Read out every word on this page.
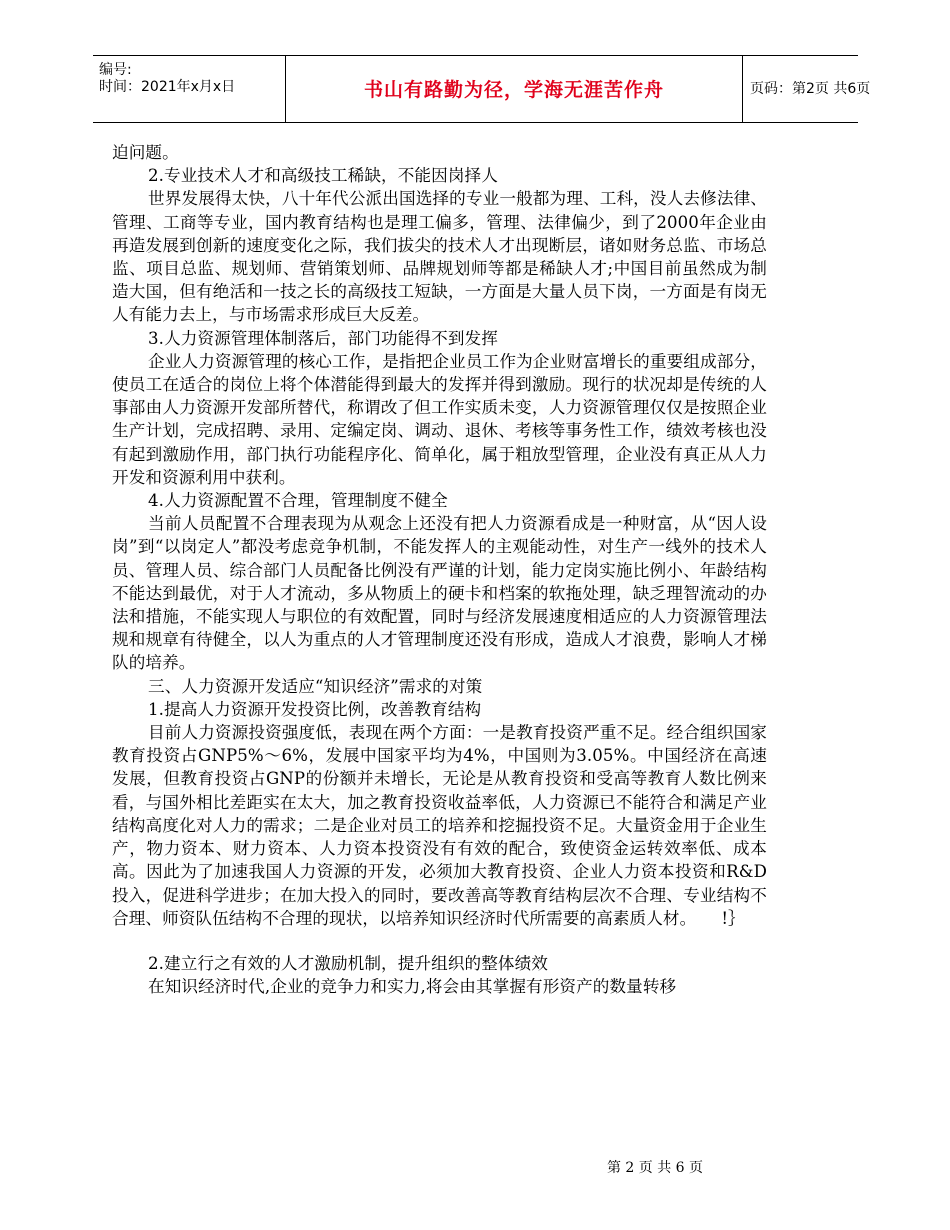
编号:
时间：2021年x月x日	书山有路勤为径，学海无涯苦作舟	页码：第2页 共6页

迫问题。

2.专业技术人才和高级技工稀缺，不能因岗择人

世界发展得太快，八十年代公派出国选择的专业一般都为理、工科，没人去修法律、管理、工商等专业，国内教育结构也是理工偏多，管理、法律偏少，到了2000年企业由再造发展到创新的速度变化之际，我们拔尖的技术人才出现断层，诸如财务总监、市场总监、项目总监、规划师、营销策划师、品牌规划师等都是稀缺人才;中国目前虽然成为制造大国，但有绝活和一技之长的高级技工短缺，一方面是大量人员下岗，一方面是有岗无人有能力去上，与市场需求形成巨大反差。

3.人力资源管理体制落后，部门功能得不到发挥

企业人力资源管理的核心工作，是指把企业员工作为企业财富增长的重要组成部分，使员工在适合的岗位上将个体潜能得到最大的发挥并得到激励。现行的状况却是传统的人事部由人力资源开发部所替代，称谓改了但工作实质未变，人力资源管理仅仅是按照企业生产计划，完成招聘、录用、定编定岗、调动、退休、考核等事务性工作，绩效考核也没有起到激励作用，部门执行功能程序化、简单化，属于粗放型管理，企业没有真正从人力开发和资源利用中获利。

4.人力资源配置不合理，管理制度不健全

当前人员配置不合理表现为从观念上还没有把人力资源看成是一种财富，从“因人设岗”到“以岗定人”都没考虑竞争机制，不能发挥人的主观能动性，对生产一线外的技术人员、管理人员、综合部门人员配备比例没有严谨的计划，能力定岗实施比例小、年龄结构不能达到最优，对于人才流动，多从物质上的硬卡和档案的软拖处理，缺乏理智流动的办法和措施，不能实现人与职位的有效配置，同时与经济发展速度相适应的人力资源管理法规和规章有待健全，以人为重点的人才管理制度还没有形成，造成人才浪费，影响人才梯队的培养。

三、人力资源开发适应“知识经济”需求的对策

1.提高人力资源开发投资比例，改善教育结构

目前人力资源投资强度低，表现在两个方面：一是教育投资严重不足。经合组织国家教育投资占GNP5%～6%，发展中国家平均为4%，中国则为3.05%。中国经济在高速发展，但教育投资占GNP的份额并未增长，无论是从教育投资和受高等教育人数比例来看，与国外相比差距实在太大，加之教育投资收益率低，人力资源已不能符合和满足产业结构高度化对人力的需求；二是企业对员工的培养和挖掘投资不足。大量资金用于企业生产，物力资本、财力资本、人力资本投资没有有效的配合，致使资金运转效率低、成本高。因此为了加速我国人力资源的开发，必须加大教育投资、企业人力资本投资和R&D投入，促进科学进步；在加大投入的同时，要改善高等教育结构层次不合理、专业结构不合理、师资队伍结构不合理的现状，以培养知识经济时代所需要的高素质人材。　　!｝

2.建立行之有效的人才激励机制，提升组织的整体绩效

在知识经济时代,企业的竞争力和实力,将会由其掌握有形资产的数量转移

第 2 页 共 6 页
